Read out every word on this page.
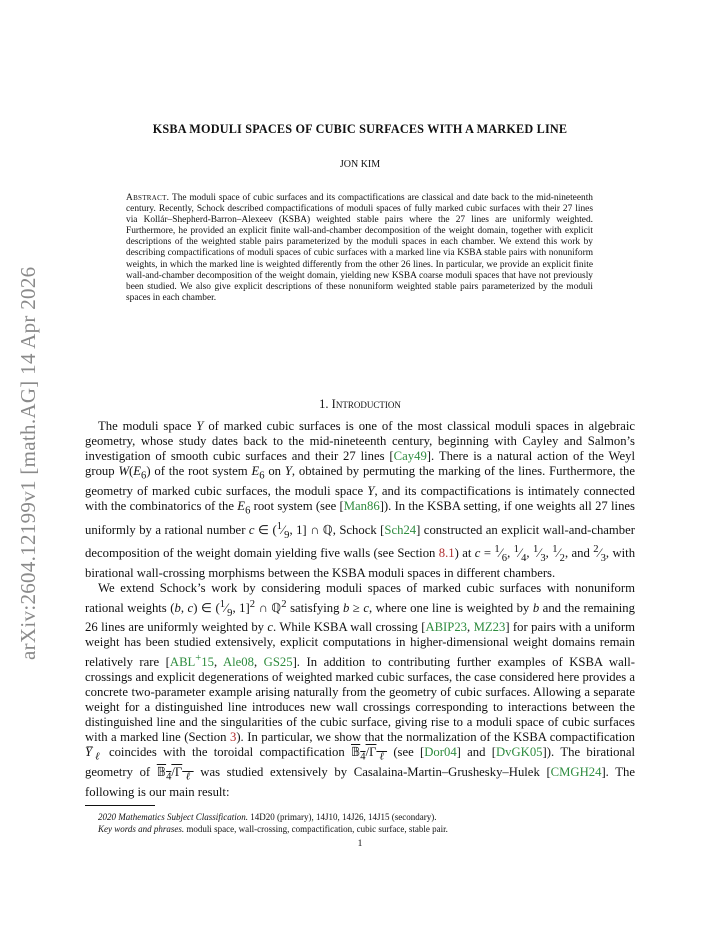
arXiv:2604.12199v1 [math.AG] 14 Apr 2026
KSBA MODULI SPACES OF CUBIC SURFACES WITH A MARKED LINE
JON KIM
Abstract. The moduli space of cubic surfaces and its compactifications are classical and date back to the mid-nineteenth century. Recently, Schock described compactifications of moduli spaces of fully marked cubic surfaces with their 27 lines via Kollár–Shepherd-Barron–Alexeev (KSBA) weighted stable pairs where the 27 lines are uniformly weighted. Furthermore, he provided an explicit finite wall-and-chamber decomposition of the weight domain, together with explicit descriptions of the weighted stable pairs parameterized by the moduli spaces in each chamber. We extend this work by describing compactifications of moduli spaces of cubic surfaces with a marked line via KSBA stable pairs with nonuniform weights, in which the marked line is weighted differently from the other 26 lines. In particular, we provide an explicit finite wall-and-chamber decomposition of the weight domain, yielding new KSBA coarse moduli spaces that have not previously been studied. We also give explicit descriptions of these nonuniform weighted stable pairs parameterized by the moduli spaces in each chamber.
1. Introduction

The moduli space Y of marked cubic surfaces is one of the most classical moduli spaces in algebraic geometry, whose study dates back to the mid-nineteenth century, beginning with Cayley and Salmon’s investigation of smooth cubic surfaces and their 27 lines [Cay49]. There is a natural action of the Weyl group $W(E_6)$ of the root system $E_6$ on Y, obtained by permuting the marking of the lines. Furthermore, the geometry of marked cubic surfaces, the moduli space Y, and its compactifications is intimately connected with the combinatorics of the $E_6$ root system (see [Man86]). In the KSBA setting, if one weights all 27 lines uniformly by a rational number c ∈ ($^1⁄_9$, 1] ∩ ℚ, Schock [Sch24] constructed an explicit wall-and-chamber decomposition of the weight domain yielding five walls (see Section 8.1) at $c = ^1⁄_6$, $^1⁄_4$, $^1⁄_3$, $^1⁄_2$, and $^2⁄_3$, with birational wall-crossing morphisms between the KSBA moduli spaces in different chambers.

We extend Schock’s work by considering moduli spaces of marked cubic surfaces with nonuniform rational weights (b, c) ∈ ($^1⁄_9$, 1]$^2$ ∩ ℚ$^2$ satisfying b ≥ c, where one line is weighted by b and the remaining 26 lines are uniformly weighted by c. While KSBA wall crossing [ABIP23, MZ23] for pairs with a uniform weight has been studied extensively, explicit computations in higher-dimensional weight domains remain relatively rare [ABL+15, Ale08, GS25]. In addition to contributing further examples of KSBA wall-crossings and explicit degenerations of weighted marked cubic surfaces, the case considered here provides a concrete two-parameter example arising naturally from the geometry of cubic surfaces. Allowing a separate weight for a distinguished line introduces new wall crossings corresponding to interactions between the distinguished line and the singularities of the cubic surface, giving rise to a moduli space of cubic surfaces with a marked line (Section 3). In particular, we show that the normalization of the KSBA compactification $Y̅_\ell$ coincides with the toroidal compactification $𝔹_4/\Gamma_\ell$ (see [Dor04] and [DvGK05]). The birational geometry of $𝔹_4/\Gamma_\ell$ was studied extensively by Casalaina-Martin–Grushesky–Hulek [CMGH24]. The following is our main result:

2020 Mathematics Subject Classification. 14D20 (primary), 14J10, 14J26, 14J15 (secondary).
Key words and phrases. moduli space, wall-crossing, compactification, cubic surface, stable pair.
1
